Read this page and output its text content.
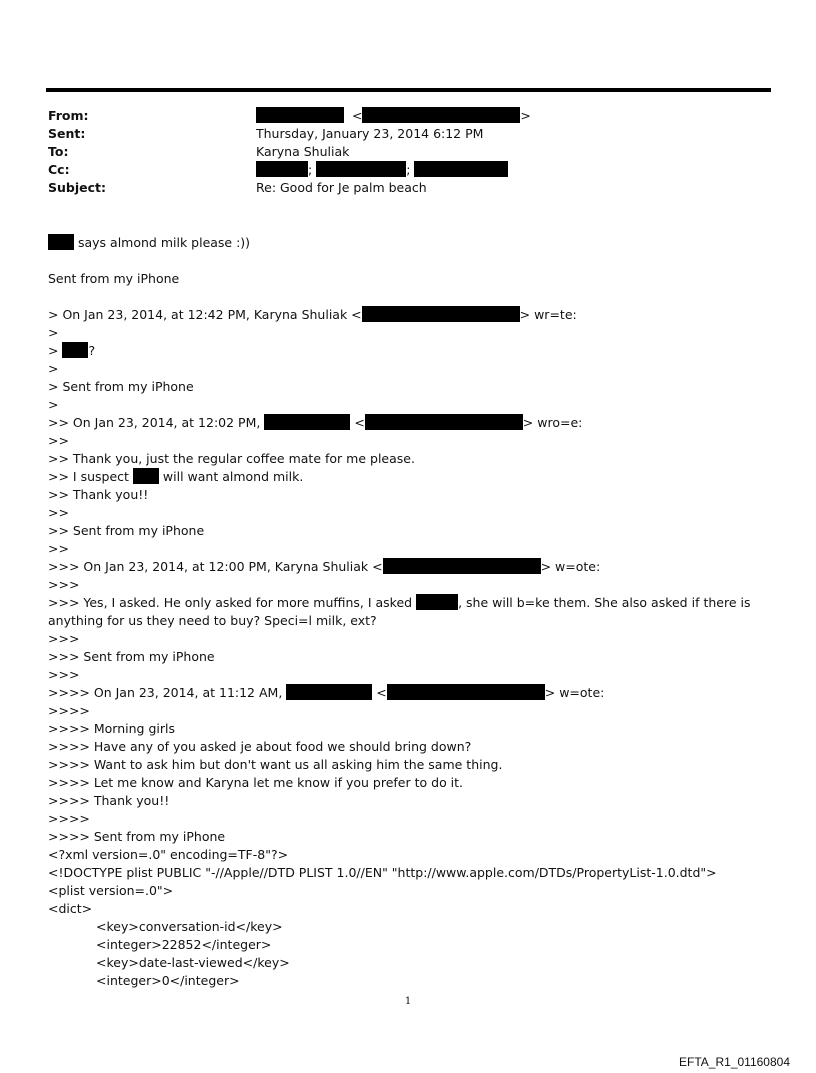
From:	<	>
Sent:	Thursday, January 23, 2014 6:12 PM
To:	Karyna Shuliak
Cc:	;	;
Subject:	Re: Good for Je palm beach
says almond milk please :))
Sent from my iPhone
> On Jan 23, 2014, at 12:42 PM, Karyna Shuliak <	> wr=te:
>
> ?
>
> Sent from my iPhone
>
>> On Jan 23, 2014, at 12:02 PM,	<	> wro=e:
>>
>> Thank you, just the regular coffee mate for me please.
>> I suspect	will want almond milk.
>> Thank you!!
>>
>> Sent from my iPhone
>>
>>> On Jan 23, 2014, at 12:00 PM, Karyna Shuliak <	> w=ote:
>>>
>>> Yes, I asked. He only asked for more muffins, I asked	, she will b=ke them. She also asked if there is anything for us they need to buy? Speci=l milk, ext?
>>>
>>> Sent from my iPhone
>>>
>>>> On Jan 23, 2014, at 11:12 AM,	<	> w=ote:
>>>>
>>>> Morning girls
>>>> Have any of you asked je about food we should bring down?
>>>> Want to ask him but don't want us all asking him the same thing.
>>>> Let me know and Karyna let me know if you prefer to do it.
>>>> Thank you!!
>>>>
>>>> Sent from my iPhone
<?xml version=.0" encoding=TF-8"?>
<!DOCTYPE plist PUBLIC "-//Apple//DTD PLIST 1.0//EN" "http://www.apple.com/DTDs/PropertyList-1.0.dtd">
<plist version=.0">
<dict>
<key>conversation-id</key>
<integer>22852</integer>
<key>date-last-viewed</key>
<integer>0</integer>
1
EFTA_R1_01160804
